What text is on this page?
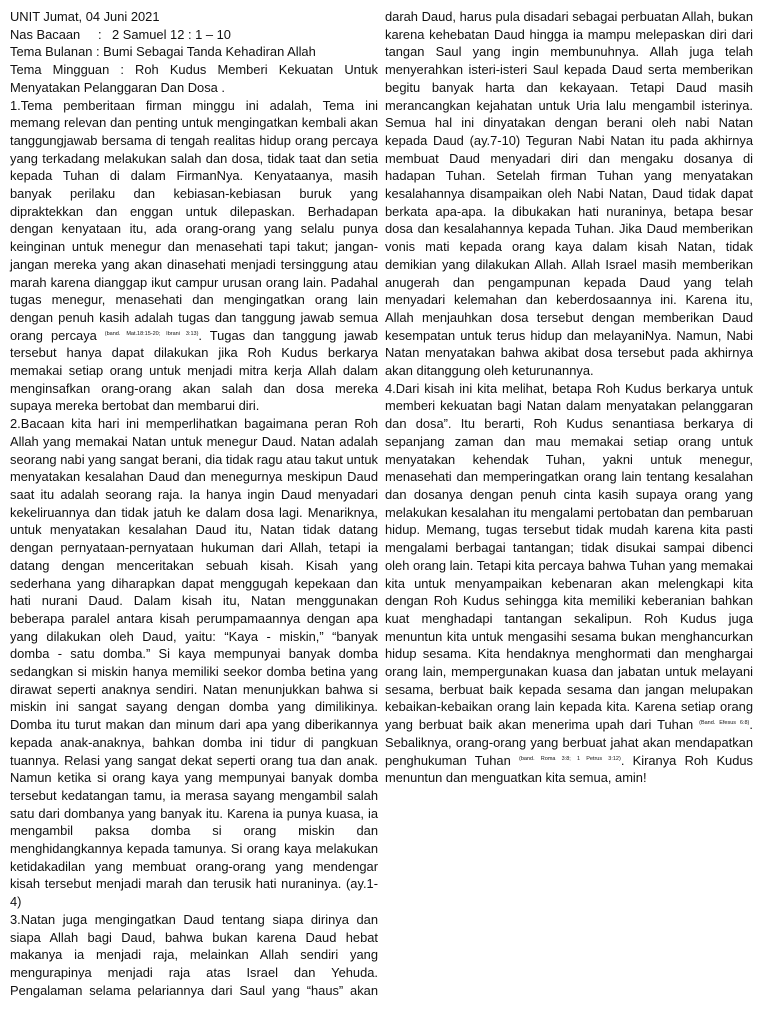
UNIT Jumat, 04 Juni 2021

Nas Bacaan	: 2 Samuel 12 : 1 – 10

Tema Bulanan : Bumi Sebagai Tanda Kehadiran Allah

Tema Minggu​an : Roh Kudus Memberi Kekuatan Untuk Menyatakan Pelanggaran Dan Dosa .

1.Tema pemberitaan firman minggu ini adalah, Tema ini memang relevan dan penting untuk mengingatkan kembali akan tanggungjawab bersama di tengah realitas hidup orang percaya yang terkadang melakukan salah dan dosa, tidak taat dan setia kepada Tuhan di dalam FirmanNya. Kenyataanya, masih banyak perilaku dan kebiasan-kebiasan buruk yang dipraktekkan dan enggan untuk dilepaskan. Berhadapan dengan kenyataan itu, ada orang-orang yang selalu punya keinginan untuk menegur dan menasehati tapi takut; jangan-jangan mereka yang akan dinasehati menjadi tersinggung atau marah karena dianggap ikut campur urusan orang lain. Padahal tugas menegur, menasehati dan mengingatkan orang lain dengan penuh kasih adalah tugas dan tanggung jawab semua orang percaya $^{(band. Mat.18:15-20; Ibrani 3:13)}$. Tugas dan tanggung jawab tersebut hanya dapat dilakukan jika Roh Kudus berkarya memakai setiap orang untuk menjadi mitra kerja Allah dalam menginsafkan orang-orang akan salah dan dosa mereka supaya mereka bertobat dan membarui diri.

2.Bacaan kita hari ini memperlihatkan bagaimana peran Roh Allah yang memakai Natan untuk menegur Daud. Natan adalah seorang nabi yang sangat berani, dia tidak ragu atau takut untuk menyatakan kesalahan Daud dan menegurnya meskipun Daud saat itu adalah seorang raja. Ia hanya ingin Daud menyadari kekeliruannya dan tidak jatuh ke dalam dosa lagi. Menariknya, untuk menyatakan kesalahan Daud itu, Natan tidak datang dengan pernyataan-pernyataan hukuman dari Allah, tetapi ia datang dengan menceritakan sebuah kisah. Kisah yang sederhana yang diharapkan dapat menggugah kepekaan dan hati nurani Daud. Dalam kisah itu, Natan menggunakan beberapa paralel antara kisah perumpamaannya dengan apa yang dilakukan oleh Daud, yaitu: “Kaya - miskin,” “banyak domba - satu domba.” Si kaya mempunyai banyak domba sedangkan si miskin hanya memiliki seekor domba betina yang dirawat seperti anaknya sendiri. Natan menunjukkan bahwa si miskin ini sangat sayang dengan domba yang dimilikinya. Domba itu turut makan dan minum dari apa yang diberikannya kepada anak-anaknya, bahkan domba ini tidur di pangkuan tuannya. Relasi yang sangat dekat seperti orang tua dan anak. Namun ketika si orang kaya yang mempunyai banyak domba tersebut kedatangan tamu, ia merasa sayang mengambil salah satu dari dombanya yang banyak itu. Karena ia punya kuasa, ia mengambil paksa domba si orang miskin dan menghidangkannya kepada tamunya. Si orang kaya melakukan ketidakadilan yang membuat orang-orang yang mendengar kisah tersebut menjadi marah dan terusik hati nuraninya. (ay.1-4)

3.Natan juga mengingatkan Daud tentang siapa dirinya dan siapa Allah bagi Daud, bahwa bukan karena Daud hebat makanya ia menjadi raja, melainkan Allah sendiri yang mengurapinya menjadi raja atas Israel dan Yehuda. Pengalaman selama pelariannya dari Saul yang “haus” akan

darah Daud, harus pula disadari sebagai perbuatan Allah, bukan karena kehebatan Daud hingga ia mampu melepaskan diri dari tangan Saul yang ingin membunuhnya. Allah juga telah menyerahkan isteri-isteri Saul kepada Daud serta memberikan begitu banyak harta dan kekayaan. Tetapi Daud masih merancangkan kejahatan untuk Uria lalu mengambil isterinya. Semua hal ini dinyatakan dengan berani oleh nabi Natan kepada Daud (ay.7-10) Teguran Nabi Natan itu pada akhirnya membuat Daud menyadari diri dan mengaku dosanya di hadapan Tuhan. Setelah firman Tuhan yang menyatakan kesalahannya disampaikan oleh Nabi Natan, Daud tidak dapat berkata apa-apa. Ia dibukakan hati nuraninya, betapa besar dosa dan kesalahannya kepada Tuhan. Jika Daud memberikan vonis mati kepada orang kaya dalam kisah Natan, tidak demikian yang dilakukan Allah. Allah Israel masih memberikan anugerah dan pengampunan kepada Daud yang telah menyadari kelemahan dan keberdosaannya ini. Karena itu, Allah menjauhkan dosa tersebut dengan memberikan Daud kesempatan untuk terus hidup dan melayaniNya. Namun, Nabi Natan menyatakan bahwa akibat dosa tersebut pada akhirnya akan ditanggung oleh keturunannya.

4.Dari kisah ini kita melihat, betapa Roh Kudus berkarya untuk memberi kekuatan bagi Natan dalam menyatakan pelanggaran dan dosa”. Itu berarti, Roh Kudus senantiasa berkarya di sepanjang zaman dan mau memakai setiap orang untuk menyatakan kehendak Tuhan, yakni untuk menegur, menasehati dan memperingatkan orang lain tentang kesalahan dan dosanya dengan penuh cinta kasih supaya orang yang melakukan kesalahan itu mengalami pertobatan dan pembaruan hidup. Memang, tugas tersebut tidak mudah karena kita pasti mengalami berbagai tantangan; tidak disukai sampai dibenci oleh orang lain. Tetapi kita percaya bahwa Tuhan yang memakai kita untuk menyampaikan kebenaran akan melengkapi kita dengan Roh Kudus sehingga kita memiliki keberanian bahkan kuat menghadapi tantangan sekalipun. Roh Kudus juga menuntun kita untuk mengasihi sesama bukan menghancurkan hidup sesama. Kita hendaknya menghormati dan menghargai orang lain, mempergunakan kuasa dan jabatan untuk melayani sesama, berbuat baik kepada sesama dan jangan melupakan kebaikan-kebaikan orang lain kepada kita. Karena setiap orang yang berbuat baik akan menerima upah dari Tuhan $^{(Band. Efesus 6:8)}$. Sebaliknya, orang-orang yang berbuat jahat akan mendapatkan penghukuman Tuhan $^{(band. Roma 3:8; 1 Petrus 3:12)}$. Kiranya Roh Kudus menuntun dan menguatkan kita semua, amin!
